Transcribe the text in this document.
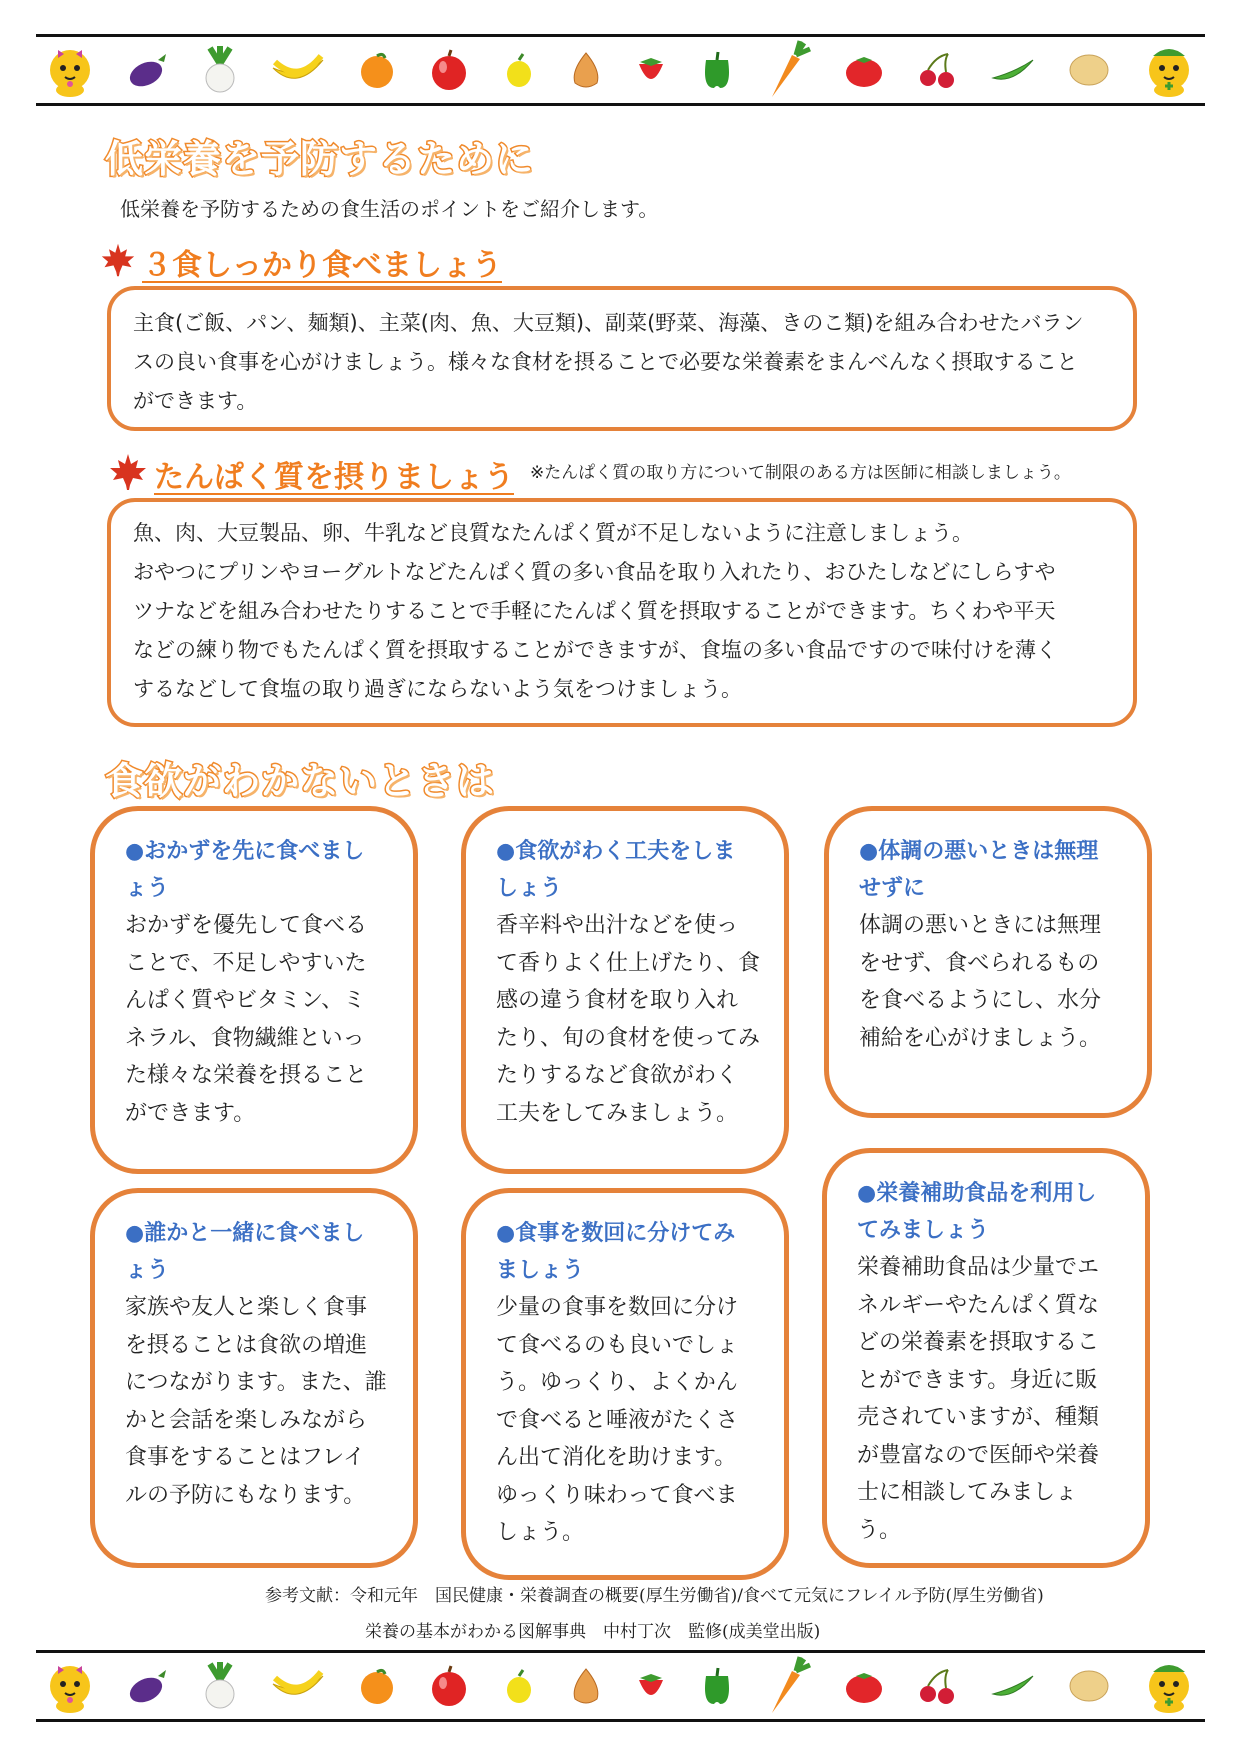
低栄養を予防するために
低栄養を予防するための食生活のポイントをご紹介します。
３食しっかり食べましょう

主食(ご飯、パン、麺類)、主菜(肉、魚、大豆類)、副菜(野菜、海藻、きのこ類)を組み合わせたバラン

スの良い食事を心がけましょう。様々な食材を摂ることで必要な栄養素をまんべんなく摂取すること

ができます。

たんぱく質を摂りましょう ※たんぱく質の取り方について制限のある方は医師に相談しましょう。

魚、肉、大豆製品、卵、牛乳など良質なたんぱく質が不足しないように注意しましょう。

おやつにプリンやヨーグルトなどたんぱく質の多い食品を取り入れたり、おひたしなどにしらすや

ツナなどを組み合わせたりすることで手軽にたんぱく質を摂取することができます。ちくわや平天

などの練り物でもたんぱく質を摂取することができますが、食塩の多い食品ですので味付けを薄く

するなどして食塩の取り過ぎにならないよう気をつけましょう。

食欲がわかないときは
●おかずを先に食べまし
ょう
おかずを優先して食べる
ことで、不足しやすいた
んぱく質やビタミン、ミ
ネラル、食物繊維といっ
た様々な栄養を摂ること
ができます。
●食欲がわく工夫をしま
しょう
香辛料や出汁などを使っ
て香りよく仕上げたり、食
感の違う食材を取り入れ
たり、旬の食材を使ってみ
たりするなど食欲がわく
工夫をしてみましょう。
●体調の悪いときは無理
せずに
体調の悪いときには無理
をせず、食べられるもの
を食べるようにし、水分
補給を心がけましょう。
●誰かと一緒に食べまし
ょう
家族や友人と楽しく食事
を摂ることは食欲の増進
につながります。また、誰
かと会話を楽しみながら
食事をすることはフレイ
ルの予防にもなります。
●食事を数回に分けてみ
ましょう
少量の食事を数回に分け
て食べるのも良いでしょ
う。ゆっくり、よくかん
で食べると唾液がたくさ
ん出て消化を助けます。
ゆっくり味わって食べま
しょう。
●栄養補助食品を利用し
てみましょう
栄養補助食品は少量でエ
ネルギーやたんぱく質な
どの栄養素を摂取するこ
とができます。身近に販
売されていますが、種類
が豊富なので医師や栄養
士に相談してみましょ
う。
参考文献：令和元年　国民健康・栄養調査の概要(厚生労働省)/食べて元気にフレイル予防(厚生労働省)
栄養の基本がわかる図解事典　中村丁次　監修(成美堂出版)
